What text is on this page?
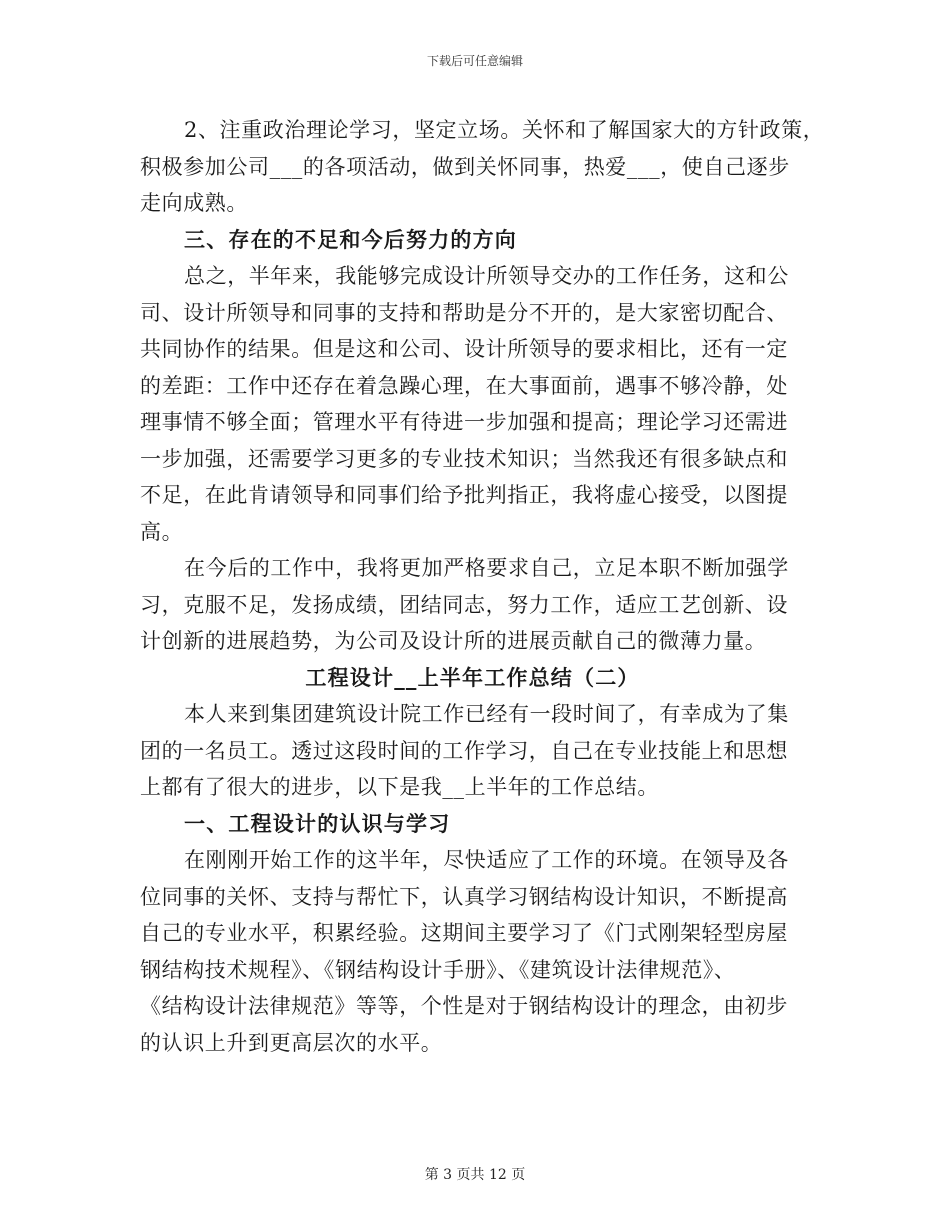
下载后可任意编辑
2、注重政治理论学习，坚定立场。关怀和了解国家大的方针政策，
积极参加公司___的各项活动，做到关怀同事，热爱___，使自己逐步
走向成熟。
三、存在的不足和今后努力的方向
总之，半年来，我能够完成设计所领导交办的工作任务，这和公
司、设计所领导和同事的支持和帮助是分不开的，是大家密切配合、
共同协作的结果。但是这和公司、设计所领导的要求相比，还有一定
的差距：工作中还存在着急躁心理，在大事面前，遇事不够冷静，处
理事情不够全面；管理水平有待进一步加强和提高；理论学习还需进
一步加强，还需要学习更多的专业技术知识；当然我还有很多缺点和
不足，在此肯请领导和同事们给予批判指正，我将虚心接受，以图提
高。
在今后的工作中，我将更加严格要求自己，立足本职不断加强学
习，克服不足，发扬成绩，团结同志，努力工作，适应工艺创新、设
计创新的进展趋势，为公司及设计所的进展贡献自己的微薄力量。
工程设计__上半年工作总结（二）
本人来到集团建筑设计院工作已经有一段时间了，有幸成为了集
团的一名员工。透过这段时间的工作学习，自己在专业技能上和思想
上都有了很大的进步，以下是我__上半年的工作总结。
一、工程设计的认识与学习
在刚刚开始工作的这半年，尽快适应了工作的环境。在领导及各
位同事的关怀、支持与帮忙下，认真学习钢结构设计知识，不断提高
自己的专业水平，积累经验。这期间主要学习了《门式刚架轻型房屋
钢结构技术规程》、《钢结构设计手册》、《建筑设计法律规范》、
《结构设计法律规范》等等，个性是对于钢结构设计的理念，由初步
的认识上升到更高层次的水平。
第 3 页共 12 页
